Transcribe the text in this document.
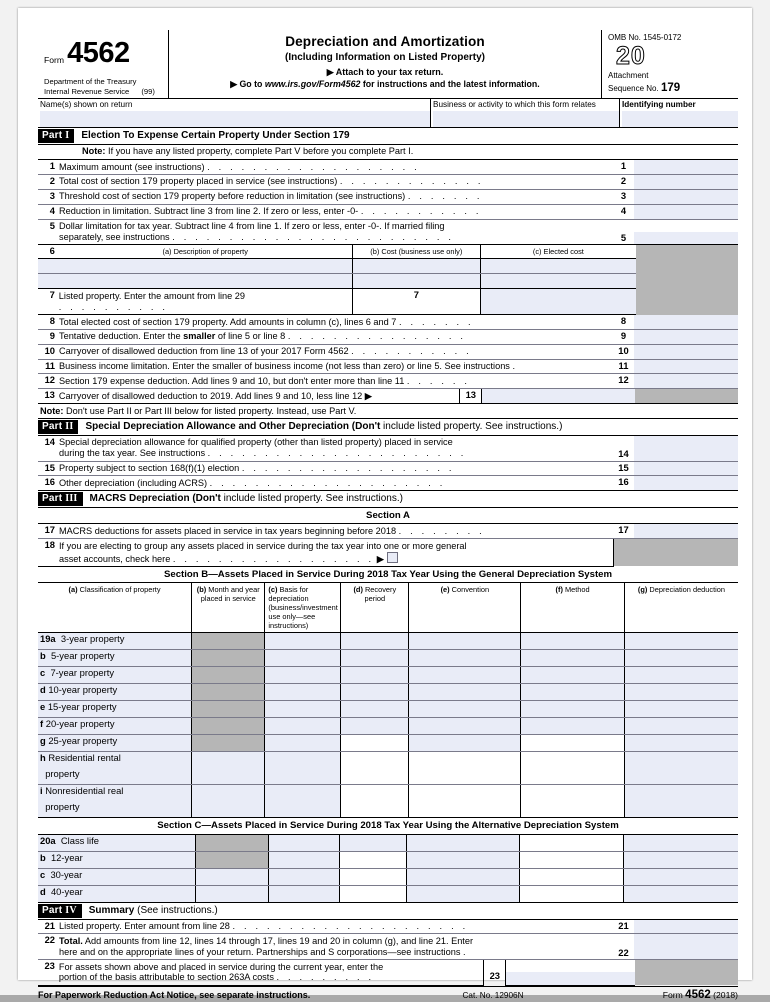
Form 4562
Department of the Treasury
Internal Revenue Service (99)
Depreciation and Amortization
(Including Information on Listed Property)
▶ Attach to your tax return.
▶ Go to www.irs.gov/Form4562 for instructions and the latest information.
OMB No. 1545-0172
20
Attachment
Sequence No. 179
Name(s) shown on return	Business or activity to which this form relates	Identifying number
Part I	Election To Expense Certain Property Under Section 179
Note: If you have any listed property, complete Part V before you complete Part I.
1	Maximum amount (see instructions) . . . . . . . . . . . . . . . . . . .	1	
2	Total cost of section 179 property placed in service (see instructions) . . . . . . . . . . . . .	2	
3	Threshold cost of section 179 property before reduction in limitation (see instructions) . . . . . . .	3	
4	Reduction in limitation. Subtract line 3 from line 2. If zero or less, enter -0- . . . . . . . . . . .	4	
5	Dollar limitation for tax year. Subtract line 4 from line 1. If zero or less, enter -0-. If married filing		
	separately, see instructions . . . . . . . . . . . . . . . . . . . . . . . . .	5	
6	(a) Description of property	(b) Cost (business use only)	(c) Elected cost	

7	Listed property. Enter the amount from line 29 . . . . . . . . . .	7		
8	Total elected cost of section 179 property. Add amounts in column (c), lines 6 and 7 . . . . . . .	8	
9	Tentative deduction. Enter the smaller of line 5 or line 8 . . . . . . . . . . . . . . . .	9	
10	Carryover of disallowed deduction from line 13 of your 2017 Form 4562 . . . . . . . . . . .	10	
11	Business income limitation. Enter the smaller of business income (not less than zero) or line 5. See instructions .	11	
12	Section 179 expense deduction. Add lines 9 and 10, but don't enter more than line 11 . . . . . .	12	
13	Carryover of disallowed deduction to 2019. Add lines 9 and 10, less line 12 ▶	13		
Note: Don't use Part II or Part III below for listed property. Instead, use Part V.
Part II	Special Depreciation Allowance and Other Depreciation (Don't include listed property. See instructions.)
14	Special depreciation allowance for qualified property (other than listed property) placed in service		
	during the tax year. See instructions . . . . . . . . . . . . . . . . . . . . . . .	14	
15	Property subject to section 168(f)(1) election . . . . . . . . . . . . . . . . . . .	15	
16	Other depreciation (including ACRS) . . . . . . . . . . . . . . . . . . . . .	16	
Part III	MACRS Depreciation (Don't include listed property. See instructions.)
Section A
17	MACRS deductions for assets placed in service in tax years beginning before 2018 . . . . . . . .	17	
18	If you are electing to group any assets placed in service during the tax year into one or more general		
	asset accounts, check here . . . . . . . . . . . . . . . . . . ▶		
Section B—Assets Placed in Service During 2018 Tax Year Using the General Depreciation System
(a) Classification of property	(b) Month and year placed in service	(c) Basis for depreciation (business/investment use only—see instructions)	(d) Recovery period	(e) Convention	(f) Method	(g) Depreciation deduction
19a 3-year property						
b 5-year property						
c 7-year property						
d 10-year property						
e 15-year property						
f 20-year property						
g 25-year property						
h Residential rental						
property						
i Nonresidential real						
property						
Section C—Assets Placed in Service During 2018 Tax Year Using the Alternative Depreciation System
20a Class life						
b 12-year						
c 30-year						
d 40-year						
Part IV	Summary (See instructions.)
21	Listed property. Enter amount from line 28 . . . . . . . . . . . . . . . . . . . . .	21	
22	Total. Add amounts from line 12, lines 14 through 17, lines 19 and 20 in column (g), and line 21. Enter		
	here and on the appropriate lines of your return. Partnerships and S corporations—see instructions .	22	
23	For assets shown above and placed in service during the current year, enter the	23		

	portion of the basis attributable to section 263A costs . . . . . . . . .			
For Paperwork Reduction Act Notice, see separate instructions.	Cat. No. 12906N	Form 4562 (2018)
